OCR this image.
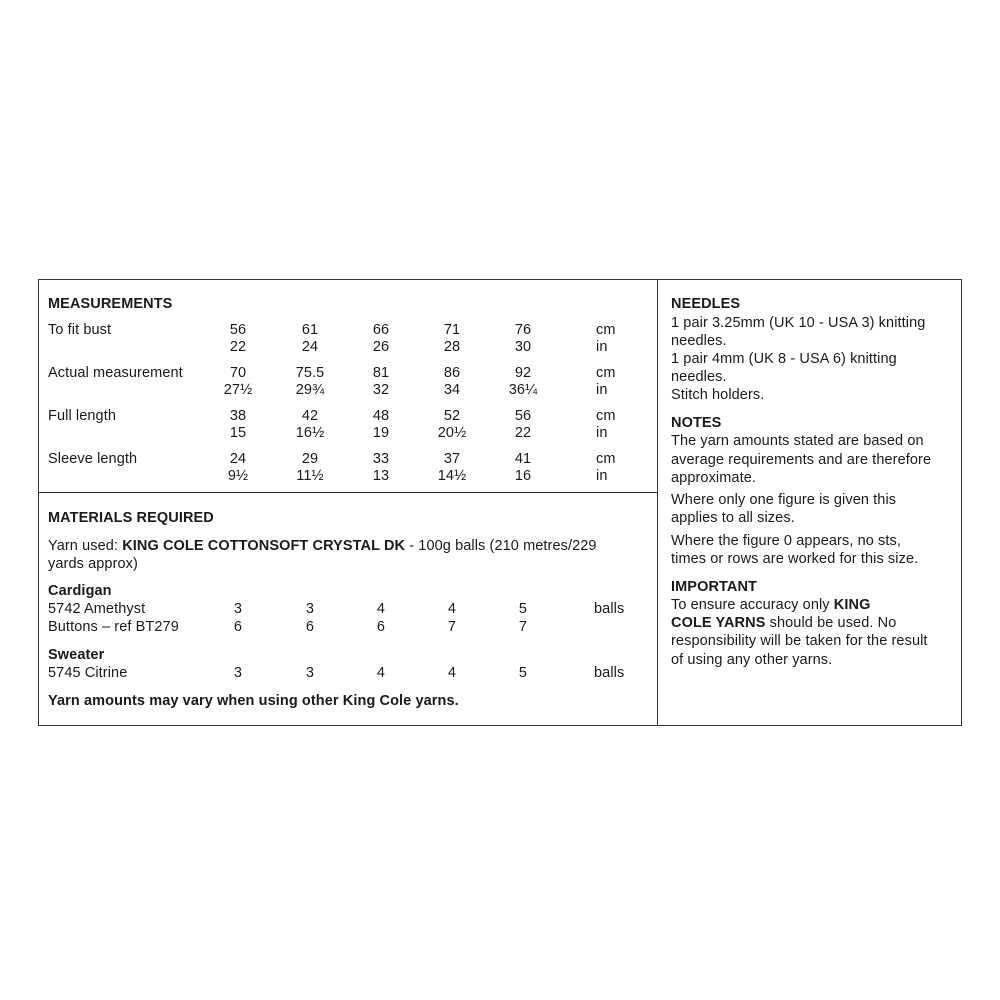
MEASUREMENTS
To fit bust	56	61	66	71	76	cm
22	24	26	28	30	in
Actual measurement	70	75.5	81	86	92	cm
27½	29¾	32	34	36¼	in
Full length	38	42	48	52	56	cm
15	16½	19	20½	22	in
Sleeve length	24	29	33	37	41	cm
9½	11½	13	14½	16	in
MATERIALS REQUIRED
Yarn used: KING COLE COTTONSOFT CRYSTAL DK - 100g balls (210 metres/229
yards approx)
Cardigan
5742 Amethyst	3	3	4	4	5	balls
Buttons – ref BT279	6	6	6	7	7
Sweater
5745 Citrine	3	3	4	4	5	balls
Yarn amounts may vary when using other King Cole yarns.
NEEDLES
1 pair 3.25mm (UK 10 - USA 3) knitting
needles.
1 pair 4mm (UK 8 - USA 6) knitting
needles.
Stitch holders.
NOTES
The yarn amounts stated are based on
average requirements and are therefore
approximate.
Where only one figure is given this
applies to all sizes.
Where the figure 0 appears, no sts,
times or rows are worked for this size.
IMPORTANT
To ensure accuracy only KING
COLE YARNS should be used. No
responsibility will be taken for the result
of using any other yarns.
